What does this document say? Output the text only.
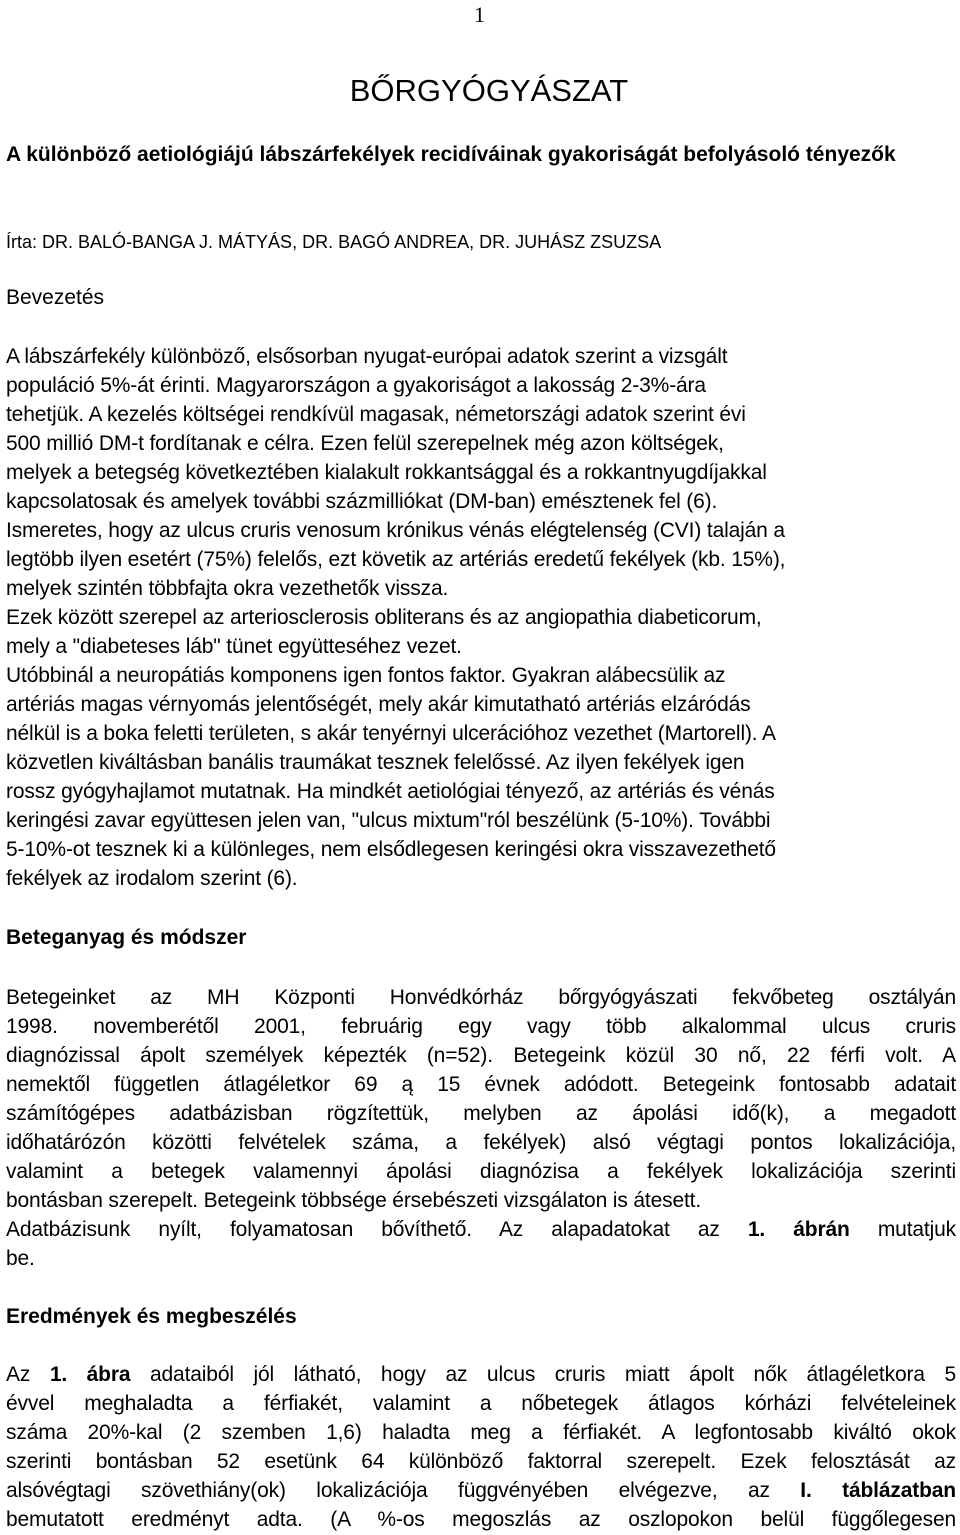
1
BŐRGYÓGYÁSZAT
A különböző aetiológiájú lábszárfekélyek recidíváinak gyakoriságát befolyásoló tényezők

Írta: DR. BALÓ-BANGA J. MÁTYÁS, DR. BAGÓ ANDREA, DR. JUHÁSZ ZSUZSA

Bevezetés
A lábszárfekély különböző, elsősorban nyugat-európai adatok szerint a vizsgált
populáció 5%-át érinti. Magyarországon a gyakoriságot a lakosság 2-3%-ára
tehetjük. A kezelés költségei rendkívül magasak, németországi adatok szerint évi
500 millió DM-t fordítanak e célra. Ezen felül szerepelnek még azon költségek,
melyek a betegség következtében kialakult rokkantsággal és a rokkantnyugdíjakkal
kapcsolatosak és amelyek további százmilliókat (DM-ban) emésztenek fel (6).
Ismeretes, hogy az ulcus cruris venosum krónikus vénás elégtelenség (CVI) talaján a
legtöbb ilyen esetért (75%) felelős, ezt követik az artériás eredetű fekélyek (kb. 15%),
melyek szintén többfajta okra vezethetők vissza.
Ezek között szerepel az arteriosclerosis obliterans és az angiopathia diabeticorum,
mely a "diabeteses láb" tünet együtteséhez vezet.
Utóbbinál a neuropátiás komponens igen fontos faktor. Gyakran alábecsülik az
artériás magas vérnyomás jelentőségét, mely akár kimutatható artériás elzáródás
nélkül is a boka feletti területen, s akár tenyérnyi ulcerációhoz vezethet (Martorell). A
közvetlen kiváltásban banális traumákat tesznek felelőssé. Az ilyen fekélyek igen
rossz gyógyhajlamot mutatnak. Ha mindkét aetiológiai tényező, az artériás és vénás
keringési zavar együttesen jelen van, "ulcus mixtum"ról beszélünk (5-10%). További
5-10%-ot tesznek ki a különleges, nem elsődlegesen keringési okra visszavezethető
fekélyek az irodalom szerint (6).
Beteganyag és módszer
Betegeinket az MH Központi Honvédkórház bőrgyógyászati fekvőbeteg osztályán
1998. novemberétől 2001, februárig egy vagy több alkalommal ulcus cruris
diagnózissal ápolt személyek képezték (n=52). Betegeink közül 30 nő, 22 férfi volt. A
nemektől független átlagéletkor 69 ą 15 évnek adódott. Betegeink fontosabb adatait
számítógépes adatbázisban rögzítettük, melyben az ápolási idő(k), a megadott
időhatárózón közötti felvételek száma, a fekélyek) alsó végtagi pontos lokalizációja,
valamint a betegek valamennyi ápolási diagnózisa a fekélyek lokalizációja szerinti
bontásban szerepelt. Betegeink többsége érsebészeti vizsgálaton is átesett.
Adatbázisunk nyílt, folyamatosan bővíthető. Az alapadatokat az 1. ábrán mutatjuk
be.
Eredmények és megbeszélés
Az 1. ábra adataiból jól látható, hogy az ulcus cruris miatt ápolt nők átlagéletkora 5
évvel meghaladta a férfiakét, valamint a nőbetegek átlagos kórházi felvételeinek
száma 20%-kal (2 szemben 1,6) haladta meg a férfiakét. A legfontosabb kiváltó okok
szerinti bontásban 52 esetünk 64 különböző faktorral szerepelt. Ezek felosztását az
alsóvégtagi szövethiány(ok) lokalizációja függvényében elvégezve, az I. táblázatban
bemutatott eredményt adta. (A %-os megoszlás az oszlopokon belül függőlegesen
